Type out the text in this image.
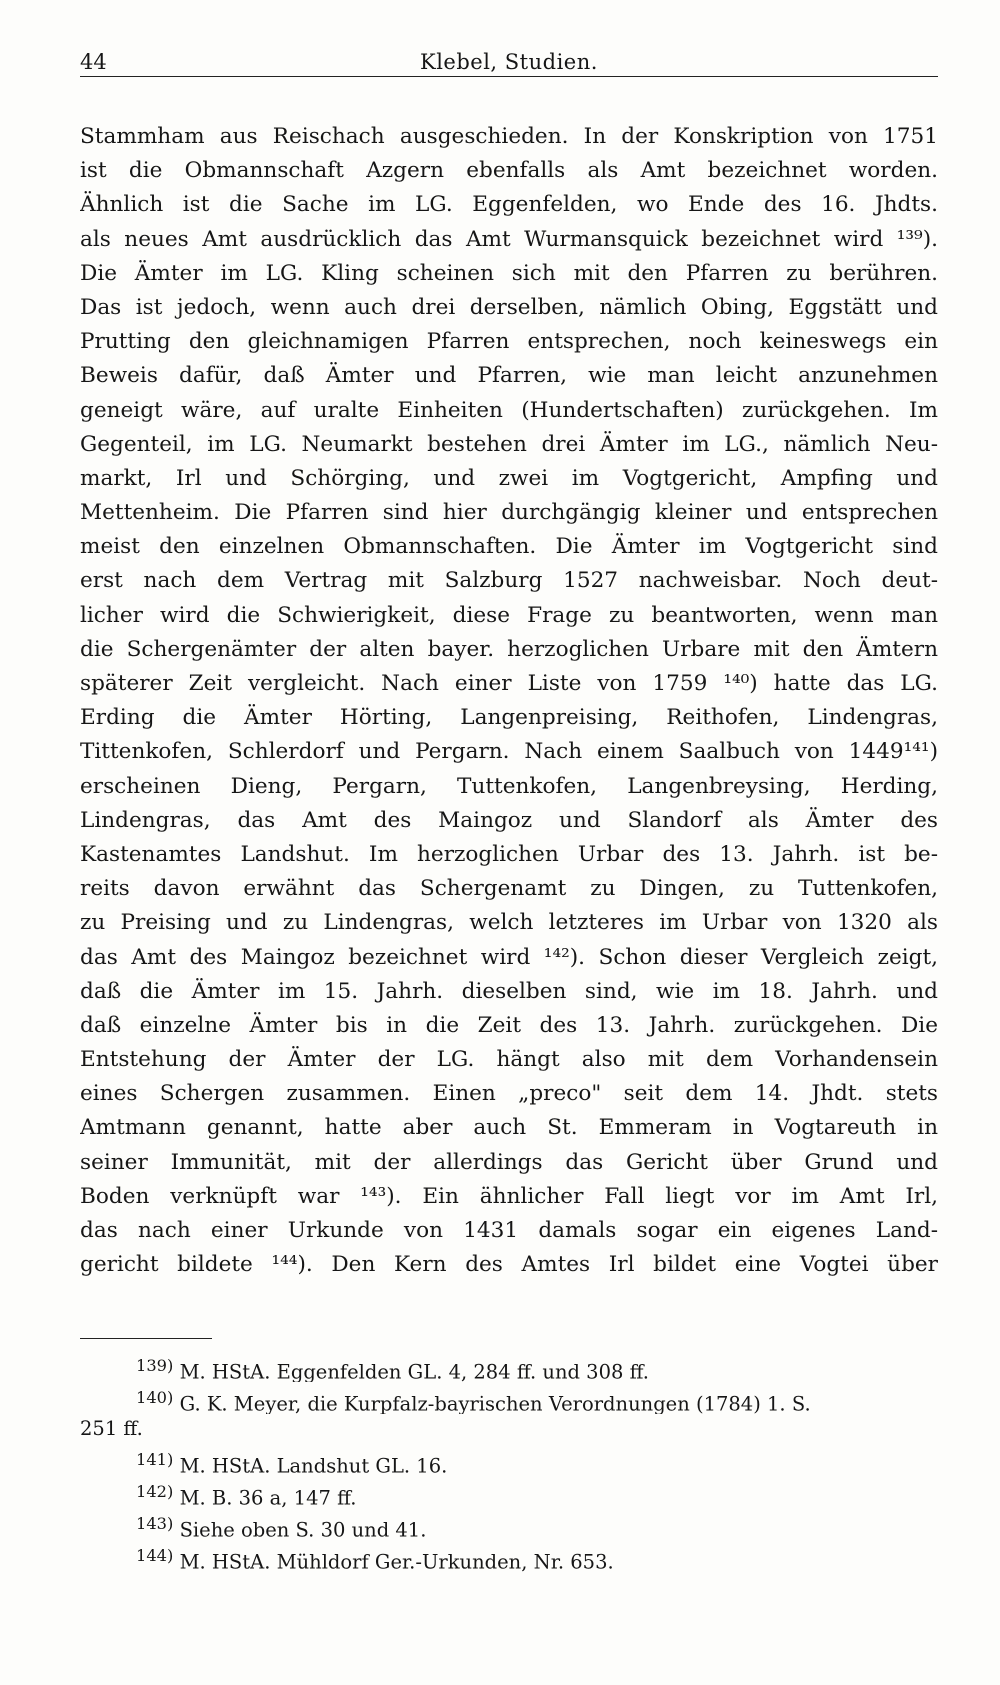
44	Klebel, Studien.
Stammham aus Reischach ausgeschieden. In der Konskription von 1751
ist die Obmannschaft Azgern ebenfalls als Amt bezeichnet worden.
Ähnlich ist die Sache im LG. Eggenfelden, wo Ende des 16. Jhdts.
als neues Amt ausdrücklich das Amt Wurmansquick bezeichnet wird ¹³⁹).
Die Ämter im LG. Kling scheinen sich mit den Pfarren zu berühren.
Das ist jedoch, wenn auch drei derselben, nämlich Obing, Eggstätt und
Prutting den gleichnamigen Pfarren entsprechen, noch keineswegs ein
Beweis dafür, daß Ämter und Pfarren, wie man leicht anzunehmen
geneigt wäre, auf uralte Einheiten (Hundertschaften) zurückgehen. Im
Gegenteil, im LG. Neumarkt bestehen drei Ämter im LG., nämlich Neu-
markt, Irl und Schörging, und zwei im Vogtgericht, Ampfing und
Mettenheim. Die Pfarren sind hier durchgängig kleiner und entsprechen
meist den einzelnen Obmannschaften. Die Ämter im Vogtgericht sind
erst nach dem Vertrag mit Salzburg 1527 nachweisbar. Noch deut-
licher wird die Schwierigkeit, diese Frage zu beantworten, wenn man
die Schergenämter der alten bayer. herzoglichen Urbare mit den Ämtern
späterer Zeit vergleicht. Nach einer Liste von 1759 ¹⁴⁰) hatte das LG.
Erding die Ämter Hörting, Langenpreising, Reithofen, Lindengras,
Tittenkofen, Schlerdorf und Pergarn. Nach einem Saalbuch von 1449¹⁴¹)
erscheinen Dieng, Pergarn, Tuttenkofen, Langenbreysing, Herding,
Lindengras, das Amt des Maingoz und Slandorf als Ämter des
Kastenamtes Landshut. Im herzoglichen Urbar des 13. Jahrh. ist be-
reits davon erwähnt das Schergenamt zu Dingen, zu Tuttenkofen,
zu Preising und zu Lindengras, welch letzteres im Urbar von 1320 als
das Amt des Maingoz bezeichnet wird ¹⁴²). Schon dieser Vergleich zeigt,
daß die Ämter im 15. Jahrh. dieselben sind, wie im 18. Jahrh. und
daß einzelne Ämter bis in die Zeit des 13. Jahrh. zurückgehen. Die
Entstehung der Ämter der LG. hängt also mit dem Vorhandensein
eines Schergen zusammen. Einen „preco" seit dem 14. Jhdt. stets
Amtmann genannt, hatte aber auch St. Emmeram in Vogtareuth in
seiner Immunität, mit der allerdings das Gericht über Grund und
Boden verknüpft war ¹⁴³). Ein ähnlicher Fall liegt vor im Amt Irl,
das nach einer Urkunde von 1431 damals sogar ein eigenes Land-
gericht bildete ¹⁴⁴). Den Kern des Amtes Irl bildet eine Vogtei über
$^{139)}$ M. HStA. Eggenfelden GL. 4, 284 ff. und 308 ff.
$^{140)}$ G. K. Meyer, die Kurpfalz-bayrischen Verordnungen (1784) 1. S.
251 ff.
$^{141)}$ M. HStA. Landshut GL. 16.
$^{142)}$ M. B. 36 a, 147 ff.
$^{143)}$ Siehe oben S. 30 und 41.
$^{144)}$ M. HStA. Mühldorf Ger.-Urkunden, Nr. 653.
